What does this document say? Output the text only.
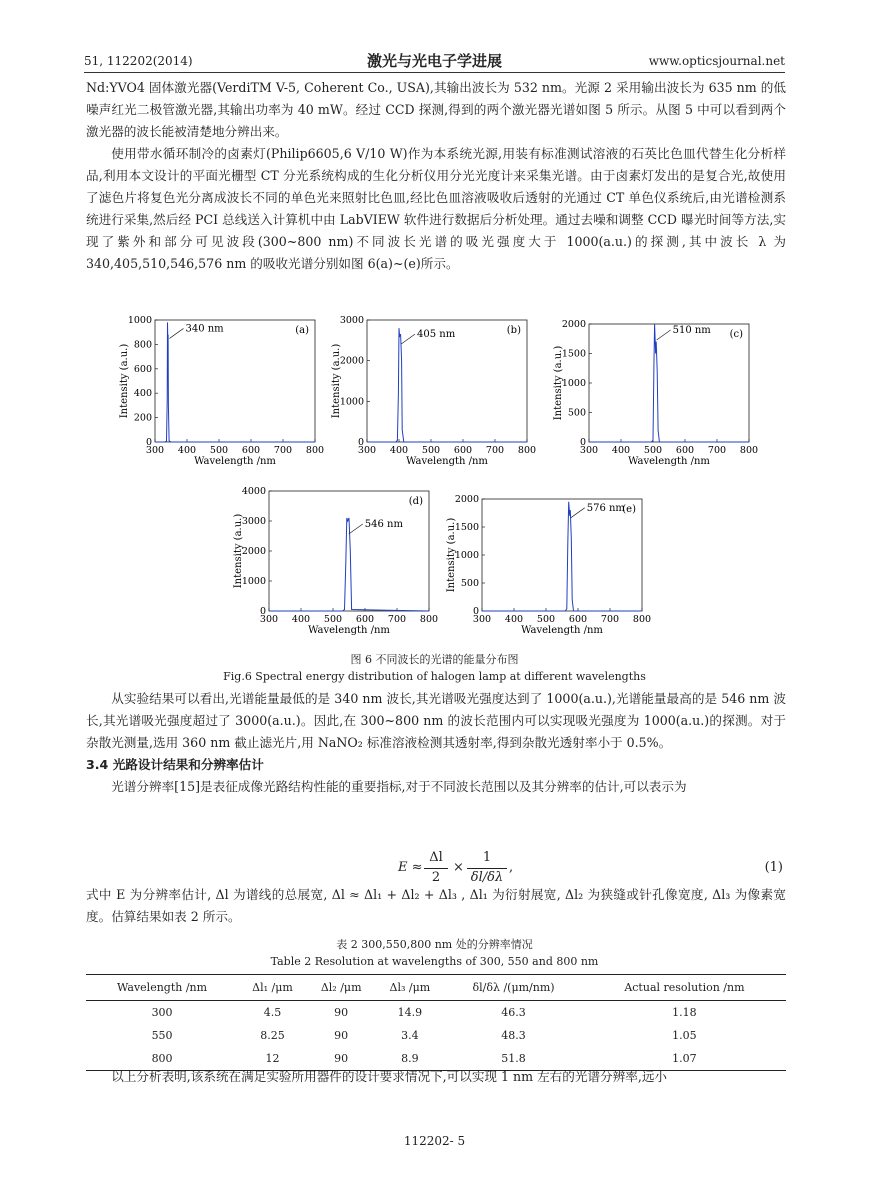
51, 112202(2014)	激光与光电子学进展	www.opticsjournal.net

Nd:YVO4 固体激光器(VerdiTM V-5, Coherent Co., USA),其输出波长为 532 nm。光源 2 采用输出波长为 635 nm 的低噪声红光二极管激光器,其输出功率为 40 mW。经过 CCD 探测,得到的两个激光器光谱如图 5 所示。从图 5 中可以看到两个激光器的波长能被清楚地分辨出来。

使用带水循环制冷的卤素灯(Philip6605,6 V/10 W)作为本系统光源,用装有标准测试溶液的石英比色皿代替生化分析样品,利用本文设计的平面光栅型 CT 分光系统构成的生化分析仪用分光光度计来采集光谱。由于卤素灯发出的是复合光,故使用了滤色片将复色光分离成波长不同的单色光来照射比色皿,经比色皿溶液吸收后透射的光通过 CT 单色仪系统后,由光谱检测系统进行采集,然后经 PCI 总线送入计算机中由 LabVIEW 软件进行数据后分析处理。通过去噪和调整 CCD 曝光时间等方法,实现了紫外和部分可见波段(300~800 nm)不同波长光谱的吸光强度大于 1000(a.u.)的探测,其中波长 λ 为 340,405,510,546,576 nm 的吸收光谱分别如图 6(a)~(e)所示。

300 400 500 600 700 800
0
200
400
600
800
1000
Wavelength /nm
Intensity (a.u.)
340 nm	(a)
300 400 500 600 700 800
0
1000
2000
3000
Wavelength /nm
Intensity (a.u.)
405 nm	(b)
300 400 500 600 700 800
0
500
1000
1500
2000
Wavelength /nm
Intensity (a.u.)
510 nm (c)
300 400 500 600 700 800
0
1000
2000
3000
4000
Wavelength /nm
Intensity (a.u.)	546 nm
(d)
300 400 500 600 700 800
0
500
1000
1500
2000
Wavelength /nm
Intensity (a.u.)
576 nm
(e)
图 6 不同波长的光谱的能量分布图
Fig.6 Spectral energy distribution of halogen lamp at different wavelengths

从实验结果可以看出,光谱能量最低的是 340 nm 波长,其光谱吸光强度达到了 1000(a.u.),光谱能量最高的是 546 nm 波长,其光谱吸光强度超过了 3000(a.u.)。因此,在 300~800 nm 的波长范围内可以实现吸光强度为 1000(a.u.)的探测。对于杂散光测量,选用 360 nm 截止滤光片,用 NaNO₂ 标准溶液检测其透射率,得到杂散光透射率小于 0.5%。

3.4 光路设计结果和分辨率估计

光谱分辨率[15]是表征成像光路结构性能的重要指标,对于不同波长范围以及其分辨率的估计,可以表示为

E ≈
Δl
2
×
1
δl/δλ
,	(1)

式中 E 为分辨率估计, Δl 为谱线的总展宽, Δl ≈ Δl₁ + Δl₂ + Δl₃ , Δl₁ 为衍射展宽, Δl₂ 为狭缝或针孔像宽度, Δl₃ 为像素宽度。估算结果如表 2 所示。

表 2 300,550,800 nm 处的分辨率情况
Table 2 Resolution at wavelengths of 300, 550 and 800 nm
Wavelength /nm	Δl₁ /μm	Δl₂ /μm	Δl₃ /μm	δl/δλ /(μm/nm)	Actual resolution /nm
300	4.5	90	14.9	46.3	1.18
550	8.25	90	3.4	48.3	1.05
800	12	90	8.9	51.8	1.07

以上分析表明,该系统在满足实验所用器件的设计要求情况下,可以实现 1 nm 左右的光谱分辨率,远小

112202- 5
